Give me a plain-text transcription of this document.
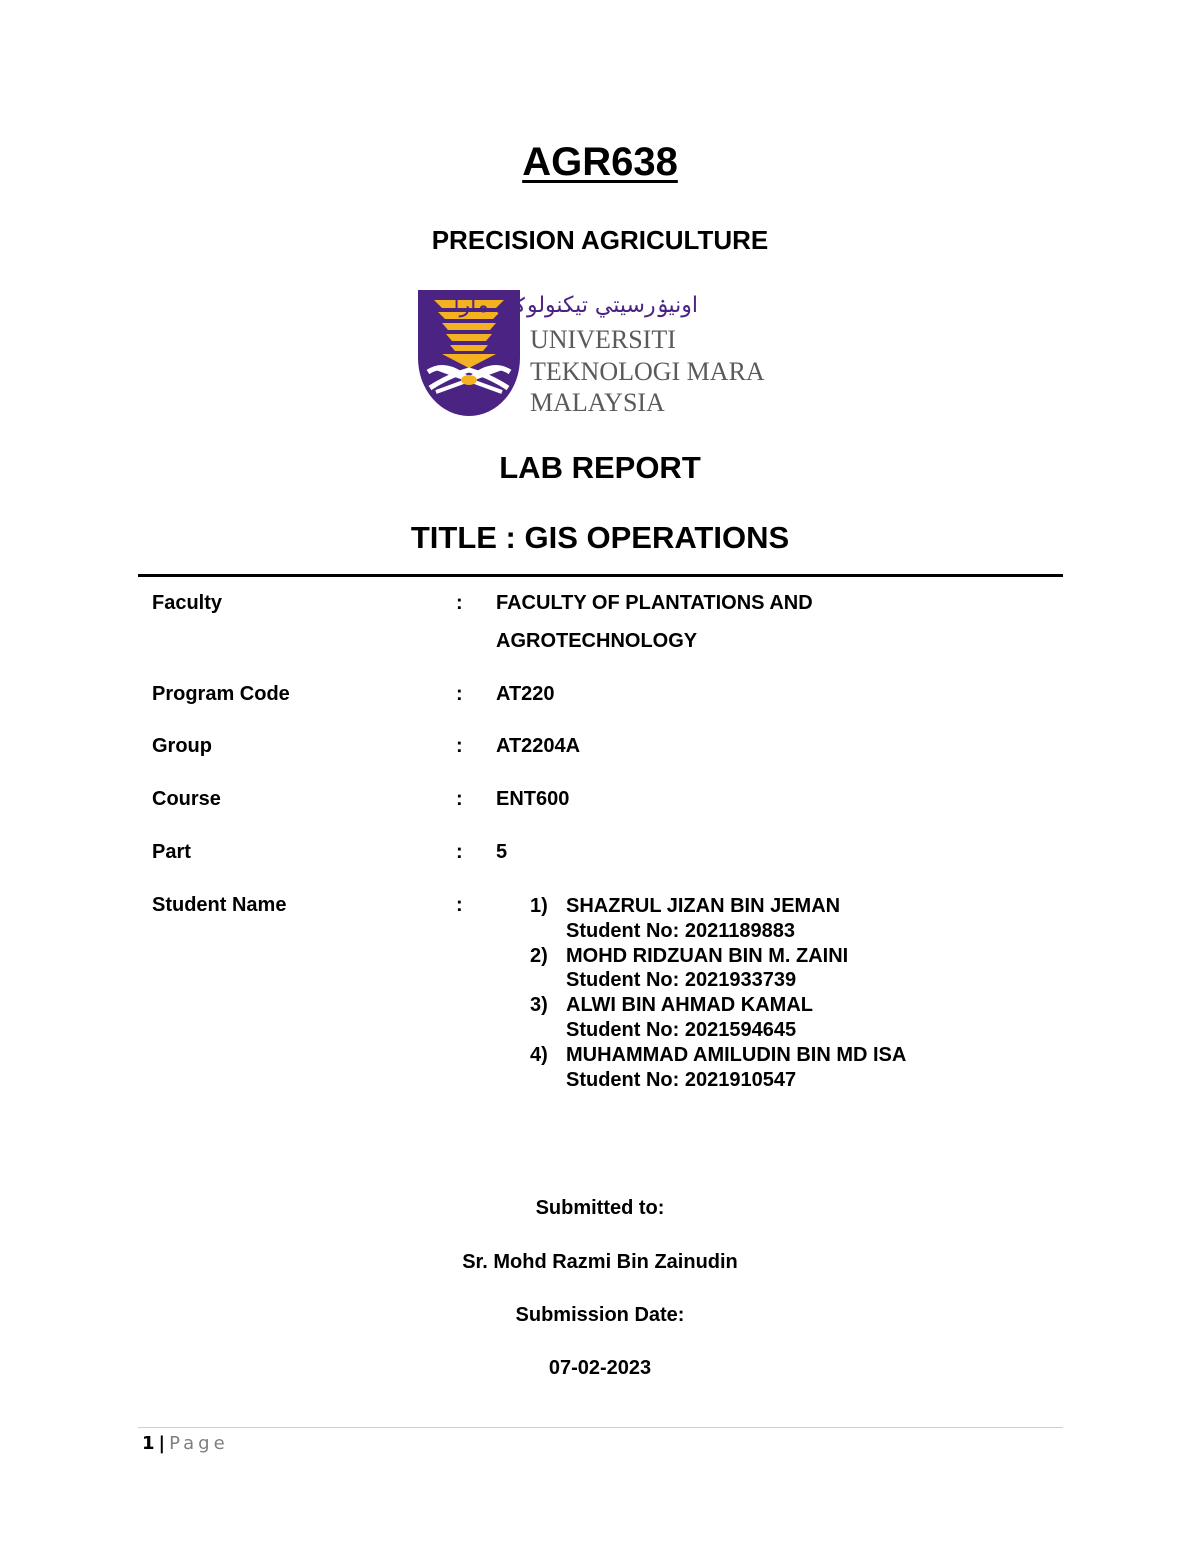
AGR638
PRECISION AGRICULTURE
اونيۏرسيتي تيكنولوݢي مارا
UNIVERSITI
TEKNOLOGI MARA
MALAYSIA
LAB REPORT
TITLE : GIS OPERATIONS
Faculty	: FACULTY OF PLANTATIONS AND
AGROTECHNOLOGY
Program Code	: AT220
Group	: AT2204A
Course	: ENT600
Part	: 5
Student Name	:	1) SHAZRUL JIZAN BIN JEMAN
Student No: 2021189883
2) MOHD RIDZUAN BIN M. ZAINI
Student No: 2021933739
3) ALWI BIN AHMAD KAMAL
Student No: 2021594645
4) MUHAMMAD AMILUDIN BIN MD ISA
Student No: 2021910547
Submitted to:
Sr. Mohd Razmi Bin Zainudin
Submission Date:
07-02-2023
1 | Page
